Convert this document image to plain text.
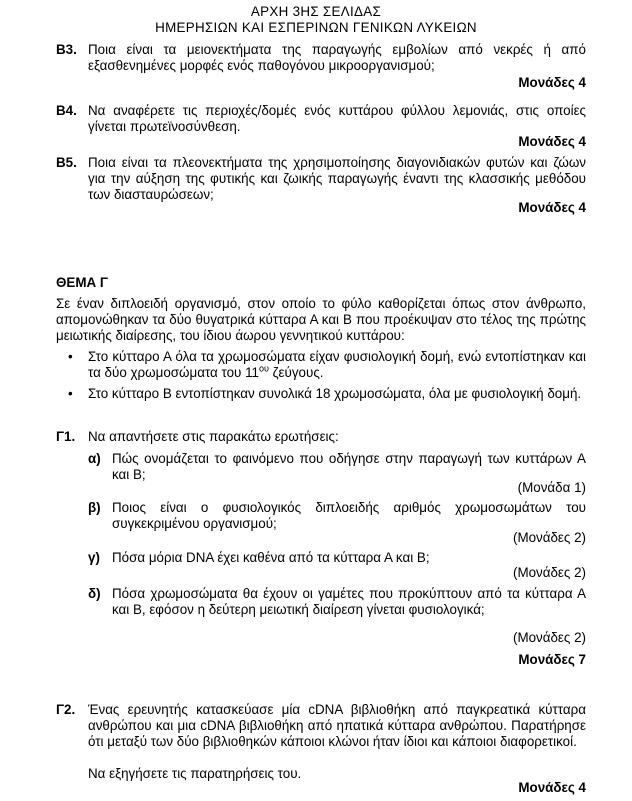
ΑΡΧΗ 3ΗΣ ΣΕΛΙΔΑΣ
ΗΜΕΡΗΣΙΩΝ ΚΑΙ ΕΣΠΕΡΙΝΩΝ ΓΕΝΙΚΩΝ ΛΥΚΕΙΩΝ
Β3. Ποια είναι τα μειονεκτήματα της παραγωγής εμβολίων από νεκρές ή από εξασθενημένες μορφές ενός παθογόνου μικροοργανισμού;
Μονάδες 4
Β4. Να αναφέρετε τις περιοχές/δομές ενός κυττάρου φύλλου λεμονιάς, στις οποίες γίνεται πρωτεϊνοσύνθεση.
Μονάδες 4
Β5. Ποια είναι τα πλεονεκτήματα της χρησιμοποίησης διαγονιδιακών φυτών και ζώων για την αύξηση της φυτικής και ζωικής παραγωγής έναντι της κλασσικής μεθόδου των διασταυρώσεων;
Μονάδες 4
ΘΕΜΑ Γ
Σε έναν διπλοειδή οργανισμό, στον οποίο το φύλο καθορίζεται όπως στον άνθρωπο, απομονώθηκαν τα δύο θυγατρικά κύτταρα Α και Β που προέκυψαν στο τέλος της πρώτης μειωτικής διαίρεσης, του ίδιου άωρου γεννητικού κυττάρου:
• Στο κύτταρο Α όλα τα χρωμοσώματα είχαν φυσιολογική δομή, ενώ εντοπίστηκαν και τα δύο χρωμοσώματα του $11^{o\upsilon}$ ζεύγους.
• Στο κύτταρο Β εντοπίστηκαν συνολικά 18 χρωμοσώματα, όλα με φυσιολογική δομή.
Γ1. Να απαντήσετε στις παρακάτω ερωτήσεις:
α) Πώς ονομάζεται το φαινόμενο που οδήγησε στην παραγωγή των κυττάρων Α και Β;
(Μονάδα 1)
β) Ποιος είναι ο φυσιολογικός διπλοειδής αριθμός χρωμοσωμάτων του συγκεκριμένου οργανισμού;
(Μονάδες 2)
γ) Πόσα μόρια DNA έχει καθένα από τα κύτταρα Α και Β;
(Μονάδες 2)
δ) Πόσα χρωμοσώματα θα έχουν οι γαμέτες που προκύπτουν από τα κύτταρα Α και Β, εφόσον η δεύτερη μειωτική διαίρεση γίνεται φυσιολογικά;
(Μονάδες 2)
Μονάδες 7
Γ2. Ένας ερευνητής κατασκεύασε μία cDNA βιβλιοθήκη από παγκρεατικά κύτταρα ανθρώπου και μια cDNA βιβλιοθήκη από ηπατικά κύτταρα ανθρώπου. Παρατήρησε ότι μεταξύ των δύο βιβλιοθηκών κάποιοι κλώνοι ήταν ίδιοι και κάποιοι διαφορετικοί.
Να εξηγήσετε τις παρατηρήσεις του.
Μονάδες 4
